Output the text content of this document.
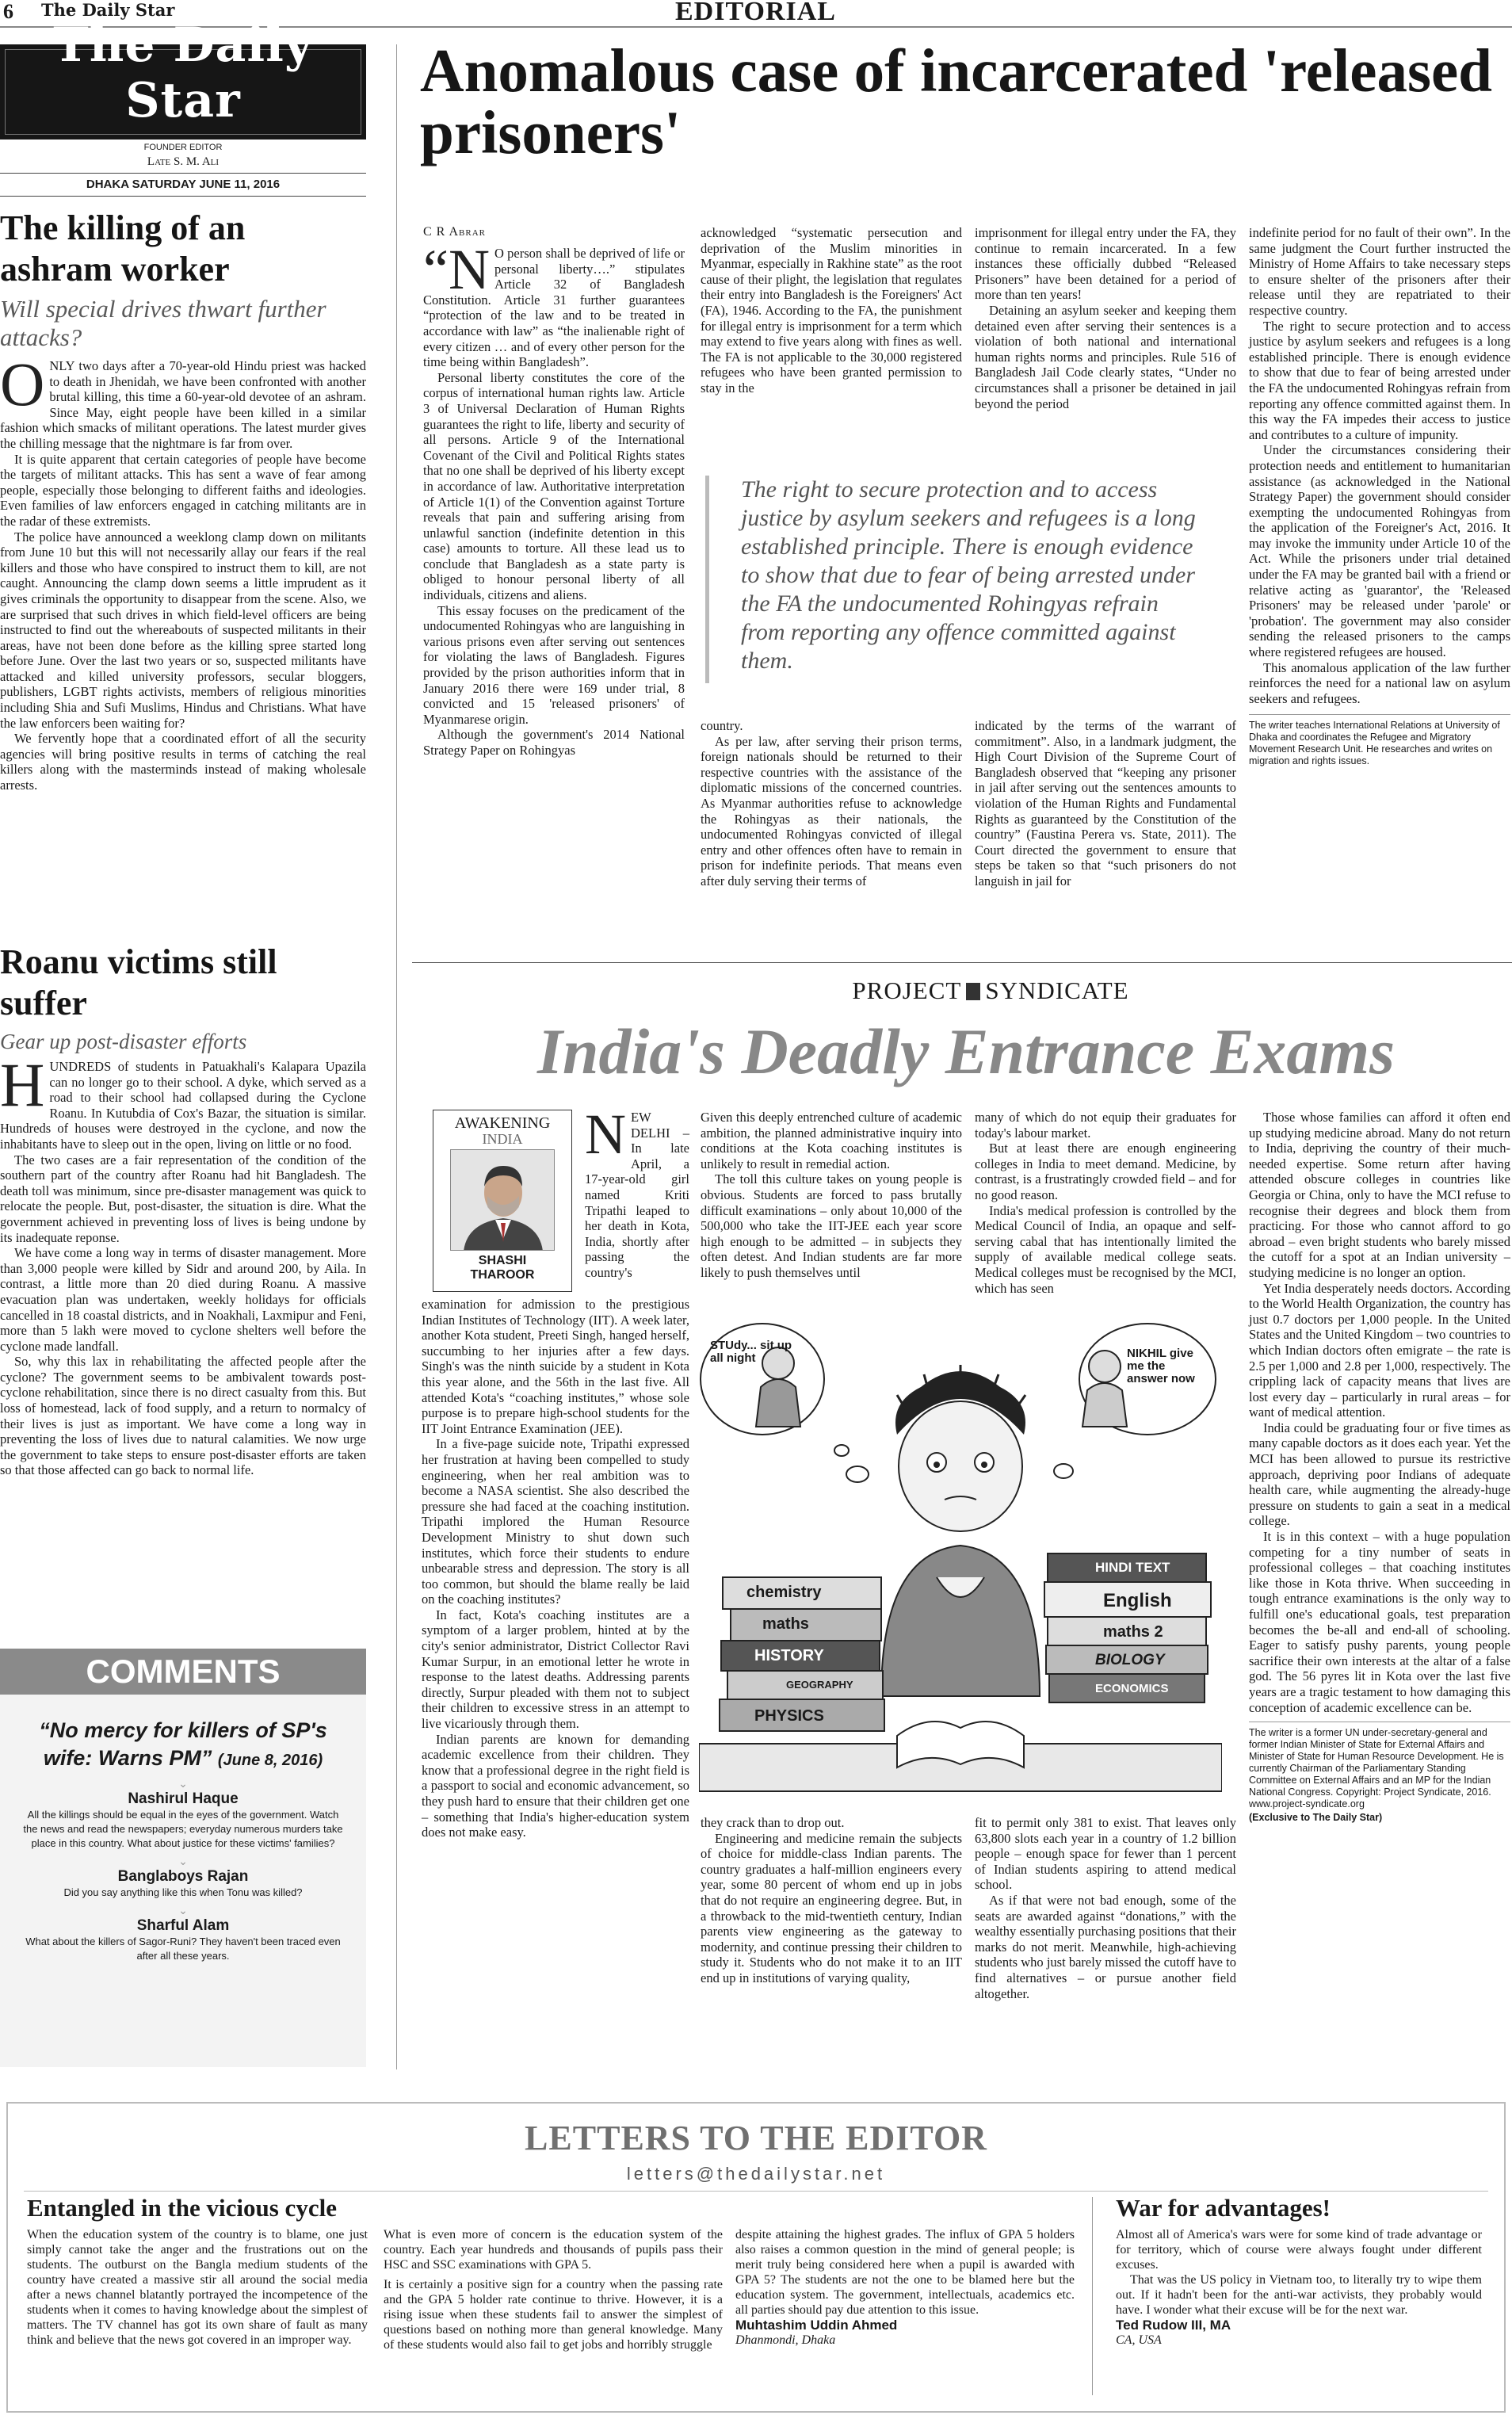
6 The Daily Star	EDITORIAL
The Daily Star
FOUNDER EDITOR
Late S. M. Ali
DHAKA SATURDAY JUNE 11, 2016
The killing of an ashram worker
Will special drives thwart further attacks?

ONLY two days after a 70-year-old Hindu priest was hacked to death in Jhenidah, we have been confronted with another brutal killing, this time a 60-year-old devotee of an ashram. Since May, eight people have been killed in a similar fashion which smacks of militant operations. The latest murder gives the chilling message that the nightmare is far from over.

It is quite apparent that certain categories of people have become the targets of militant attacks. This has sent a wave of fear among people, especially those belonging to different faiths and ideologies. Even families of law enforcers engaged in catching militants are in the radar of these extremists.

The police have announced a weeklong clamp down on militants from June 10 but this will not necessarily allay our fears if the real killers and those who have conspired to instruct them to kill, are not caught. Announcing the clamp down seems a little imprudent as it gives criminals the opportunity to disappear from the scene. Also, we are surprised that such drives in which field-level officers are being instructed to find out the whereabouts of suspected militants in their areas, have not been done before as the killing spree started long before June. Over the last two years or so, suspected militants have attacked and killed university professors, secular bloggers, publishers, LGBT rights activists, members of religious minorities including Shia and Sufi Muslims, Hindus and Christians. What have the law enforcers been waiting for?

We fervently hope that a coordinated effort of all the security agencies will bring positive results in terms of catching the real killers along with the masterminds instead of making wholesale arrests.

Roanu victims still suffer
Gear up post-disaster efforts

HUNDREDS of students in Patuakhali's Kalapara Upazila can no longer go to their school. A dyke, which served as a road to their school had collapsed during the Cyclone Roanu. In Kutubdia of Cox's Bazar, the situation is similar. Hundreds of houses were destroyed in the cyclone, and now the inhabitants have to sleep out in the open, living on little or no food.

The two cases are a fair representation of the condition of the southern part of the country after Roanu had hit Bangladesh. The death toll was minimum, since pre-disaster management was quick to relocate the people. But, post-disaster, the situation is dire. What the government achieved in preventing loss of lives is being undone by its inadequate reponse.

We have come a long way in terms of disaster management. More than 3,000 people were killed by Sidr and around 200, by Aila. In contrast, a little more than 20 died during Roanu. A massive evacuation plan was undertaken, weekly holidays for officials cancelled in 18 coastal districts, and in Noakhali, Laxmipur and Feni, more than 5 lakh were moved to cyclone shelters well before the cyclone made landfall.

So, why this lax in rehabilitating the affected people after the cyclone? The government seems to be ambivalent towards post-cyclone rehabilitation, since there is no direct casualty from this. But loss of homestead, lack of food supply, and a return to normalcy of their lives is just as important. We have come a long way in preventing the loss of lives due to natural calamities. We now urge the government to take steps to ensure post-disaster efforts are taken so that those affected can go back to normal life.

COMMENTS
“No mercy for killers of SP's wife: Warns PM” (June 8, 2016)
⌄
Nashirul Haque
All the killings should be equal in the eyes of the government. Watch the news and read the newspapers; everyday numerous murders take place in this country. What about justice for these victims' families?
⌄
Banglaboys Rajan
Did you say anything like this when Tonu was killed?
⌄
Sharful Alam
What about the killers of Sagor-Runi? They haven't been traced even after all these years.
Anomalous case of incarcerated 'released prisoners'
C R Abrar

“N O person shall be deprived of life or personal liberty….” stipulates Article 32 of Bangladesh Constitution. Article 31 further guarantees “protection of the law and to be treated in accordance with law” as “the inalienable right of every citizen … and of every other person for the time being within Bangladesh”.

Personal liberty constitutes the core of the corpus of international human rights law. Article 3 of Universal Declaration of Human Rights guarantees the right to life, liberty and security of all persons. Article 9 of the International Covenant of the Civil and Political Rights states that no one shall be deprived of his liberty except in accordance of law. Authoritative interpretation of Article 1(1) of the Convention against Torture reveals that pain and suffering arising from unlawful sanction (indefinite detention in this case) amounts to torture. All these lead us to conclude that Bangladesh as a state party is obliged to honour personal liberty of all individuals, citizens and aliens.

This essay focuses on the predicament of the undocumented Rohingyas who are languishing in various prisons even after serving out sentences for violating the laws of Bangladesh. Figures provided by the prison authorities inform that in January 2016 there were 169 under trial, 8 convicted and 15 'released prisoners' of Myanmarese origin.

Although the government's 2014 National Strategy Paper on Rohingyas

acknowledged “systematic persecution and deprivation of the Muslim minorities in Myanmar, especially in Rakhine state” as the root cause of their plight, the legislation that regulates their entry into Bangladesh is the Foreigners' Act (FA), 1946. According to the FA, the punishment for illegal entry is imprisonment for a term which may extend to five years along with fines as well. The FA is not applicable to the 30,000 registered refugees who have been granted permission to stay in the

country.

As per law, after serving their prison terms, foreign nationals should be returned to their respective countries with the assistance of the diplomatic missions of the concerned countries. As Myanmar authorities refuse to acknowledge the Rohingyas as their nationals, the undocumented Rohingyas convicted of illegal entry and other offences often have to remain in prison for indefinite periods. That means even after duly serving their terms of

imprisonment for illegal entry under the FA, they continue to remain incarcerated. In a few instances these officially dubbed “Released Prisoners” have been detained for a period of more than ten years!

Detaining an asylum seeker and keeping them detained even after serving their sentences is a violation of both national and international human rights norms and principles. Rule 516 of Bangladesh Jail Code clearly states, “Under no circumstances shall a prisoner be detained in jail beyond the period

indicated by the terms of the warrant of commitment”. Also, in a landmark judgment, the High Court Division of the Supreme Court of Bangladesh observed that “keeping any prisoner in jail after serving out the sentences amounts to violation of the Human Rights and Fundamental Rights as guaranteed by the Constitution of the country” (Faustina Perera vs. State, 2011). The Court directed the government to ensure that steps be taken so that “such prisoners do not languish in jail for

indefinite period for no fault of their own”. In the same judgment the Court further instructed the Ministry of Home Affairs to take necessary steps to ensure shelter of the prisoners after their release until they are repatriated to their respective country.

The right to secure protection and to access justice by asylum seekers and refugees is a long established principle. There is enough evidence to show that due to fear of being arrested under the FA the undocumented Rohingyas refrain from reporting any offence committed against them. In this way the FA impedes their access to justice and contributes to a culture of impunity.

Under the circumstances considering their protection needs and entitlement to humanitarian assistance (as acknowledged in the National Strategy Paper) the government should consider exempting the undocumented Rohingyas from the application of the Foreigner's Act, 2016. It may invoke the immunity under Article 10 of the Act. While the prisoners under trial detained under the FA may be granted bail with a friend or relative acting as 'guarantor', the 'Released Prisoners' may be released under 'parole' or 'probation'. The government may also consider sending the released prisoners to the camps where registered refugees are housed.

This anomalous application of the law further reinforces the need for a national law on asylum seekers and refugees.

The writer teaches International Relations at University of Dhaka and coordinates the Refugee and Migratory Movement Research Unit. He researches and writes on migration and rights issues.
The right to secure protection and to access justice by asylum seekers and refugees is a long established principle. There is enough evidence to show that due to fear of being arrested under the FA the undocumented Rohingyas refrain from reporting any offence committed against them.
PROJECT SYNDICATE
India's Deadly Entrance Exams
AWAKENING
INDIA
SHASHI
THAROOR

NEW DELHI – In late April, a 17-year-old girl named Kriti Tripathi leaped to her death in Kota, India, shortly after passing the country's

examination for admission to the prestigious Indian Institutes of Technology (IIT). A week later, another Kota student, Preeti Singh, hanged herself, succumbing to her injuries after a few days. Singh's was the ninth suicide by a student in Kota this year alone, and the 56th in the last five. All attended Kota's “coaching institutes,” whose sole purpose is to prepare high-school students for the IIT Joint Entrance Examination (JEE).

In a five-page suicide note, Tripathi expressed her frustration at having been compelled to study engineering, when her real ambition was to become a NASA scientist. She also described the pressure she had faced at the coaching institution. Tripathi implored the Human Resource Development Ministry to shut down such institutes, which force their students to endure unbearable stress and depression. The story is all too common, but should the blame really be laid on the coaching institutes?

In fact, Kota's coaching institutes are a symptom of a larger problem, hinted at by the city's senior administrator, District Collector Ravi Kumar Surpur, in an emotional letter he wrote in response to the latest deaths. Addressing parents directly, Surpur pleaded with them not to subject their children to excessive stress in an attempt to live vicariously through them.

Indian parents are known for demanding academic excellence from their children. They know that a professional degree in the right field is a passport to social and economic advancement, so they push hard to ensure that their children get one – something that India's higher-education system does not make easy.

Given this deeply entrenched culture of academic ambition, the planned administrative inquiry into conditions at the Kota coaching institutes is unlikely to result in remedial action.

The toll this culture takes on young people is obvious. Students are forced to pass brutally difficult examinations – only about 10,000 of the 500,000 who take the IIT-JEE each year score high enough to be admitted – in subjects they often detest. And Indian students are far more likely to push themselves until

they crack than to drop out.

Engineering and medicine remain the subjects of choice for middle-class Indian parents. The country graduates a half-million engineers every year, some 80 percent of whom end up in jobs that do not require an engineering degree. But, in a throwback to the mid-twentieth century, Indian parents view engineering as the gateway to modernity, and continue pressing their children to study it. Students who do not make it to an IIT end up in institutions of varying quality,

many of which do not equip their graduates for today's labour market.

But at least there are enough engineering colleges in India to meet demand. Medicine, by contrast, is a frustratingly crowded field – and for no good reason.

India's medical profession is controlled by the Medical Council of India, an opaque and self-serving cabal that has intentionally limited the supply of available medical college seats. Medical colleges must be recognised by the MCI, which has seen

fit to permit only 381 to exist. That leaves only 63,800 slots each year in a country of 1.2 billion people – enough space for fewer than 1 percent of Indian students aspiring to attend medical school.

As if that were not bad enough, some of the seats are awarded against “donations,” with the wealthy essentially purchasing positions that their marks do not merit. Meanwhile, high-achieving students who just barely missed the cutoff have to find alternatives – or pursue another field altogether.

Those whose families can afford it often end up studying medicine abroad. Many do not return to India, depriving the country of their much-needed expertise. Some return after having attended obscure colleges in countries like Georgia or China, only to have the MCI refuse to recognise their degrees and block them from practicing. For those who cannot afford to go abroad – even bright students who barely missed the cutoff for a spot at an Indian university – studying medicine is no longer an option.

Yet India desperately needs doctors. According to the World Health Organization, the country has just 0.7 doctors per 1,000 people. In the United States and the United Kingdom – two countries to which Indian doctors often emigrate – the rate is 2.5 per 1,000 and 2.8 per 1,000, respectively. The crippling lack of capacity means that lives are lost every day – particularly in rural areas – for want of medical attention.

India could be graduating four or five times as many capable doctors as it does each year. Yet the MCI has been allowed to pursue its restrictive approach, depriving poor Indians of adequate health care, while augmenting the already-huge pressure on students to gain a seat in a medical college.

It is in this context – with a huge population competing for a tiny number of seats in professional colleges – that coaching institutes like those in Kota thrive. When succeeding in tough entrance examinations is the only way to fulfill one's educational goals, test preparation becomes the be-all and end-all of schooling. Eager to satisfy pushy parents, young people sacrifice their own interests at the altar of a false god. The 56 pyres lit in Kota over the last five years are a tragic testament to how damaging this conception of academic excellence can be.

The writer is a former UN under-secretary-general and former Indian Minister of State for External Affairs and Minister of State for Human Resource Development. He is currently Chairman of the Parliamentary Standing Committee on External Affairs and an MP for the Indian National Congress. Copyright: Project Syndicate, 2016. www.project-syndicate.org
(Exclusive to The Daily Star)
STUdy... sit up all night	NIKHIL give me the answer now
chemistry
maths
HISTORY
GEOGRAPHY
PHYSICS
HINDI TEXT
English
maths 2
BIOLOGY
ECONOMICS
LETTERS TO THE EDITOR
letters@thedailystar.net
Entangled in the vicious cycle
When the education system of the country is to blame, one just simply cannot take the anger and the frustrations out on the students. The outburst on the Bangla medium students of the country have created a massive stir all around the social media after a news channel blatantly portrayed the incompetence of the students when it comes to having knowledge about the simplest of matters. The TV channel has got its own share of fault as many think and believe that the news got covered in an improper way.

What is even more of concern is the education system of the country. Each year hundreds and thousands of pupils pass their HSC and SSC examinations with GPA 5.

It is certainly a positive sign for a country when the passing rate and the GPA 5 holder rate continue to thrive. However, it is a rising issue when these students fail to answer the simplest of questions based on nothing more than general knowledge. Many of these students would also fail to get jobs and horribly struggle

despite attaining the highest grades. The influx of GPA 5 holders also raises a common question in the mind of general people; is merit truly being considered here when a pupil is awarded with GPA 5? The students are not the one to be blamed here but the education system. The government, intellectuals, academics etc. all parties should pay due attention to this issue.

Muhtashim Uddin Ahmed
Dhanmondi, Dhaka
War for advantages!

Almost all of America's wars were for some kind of trade advantage or for territory, which of course were always fought under different excuses.

That was the US policy in Vietnam too, to literally try to wipe them out. If it hadn't been for the anti-war activists, they probably would have. I wonder what their excuse will be for the next war.

Ted Rudow III, MA
CA, USA
